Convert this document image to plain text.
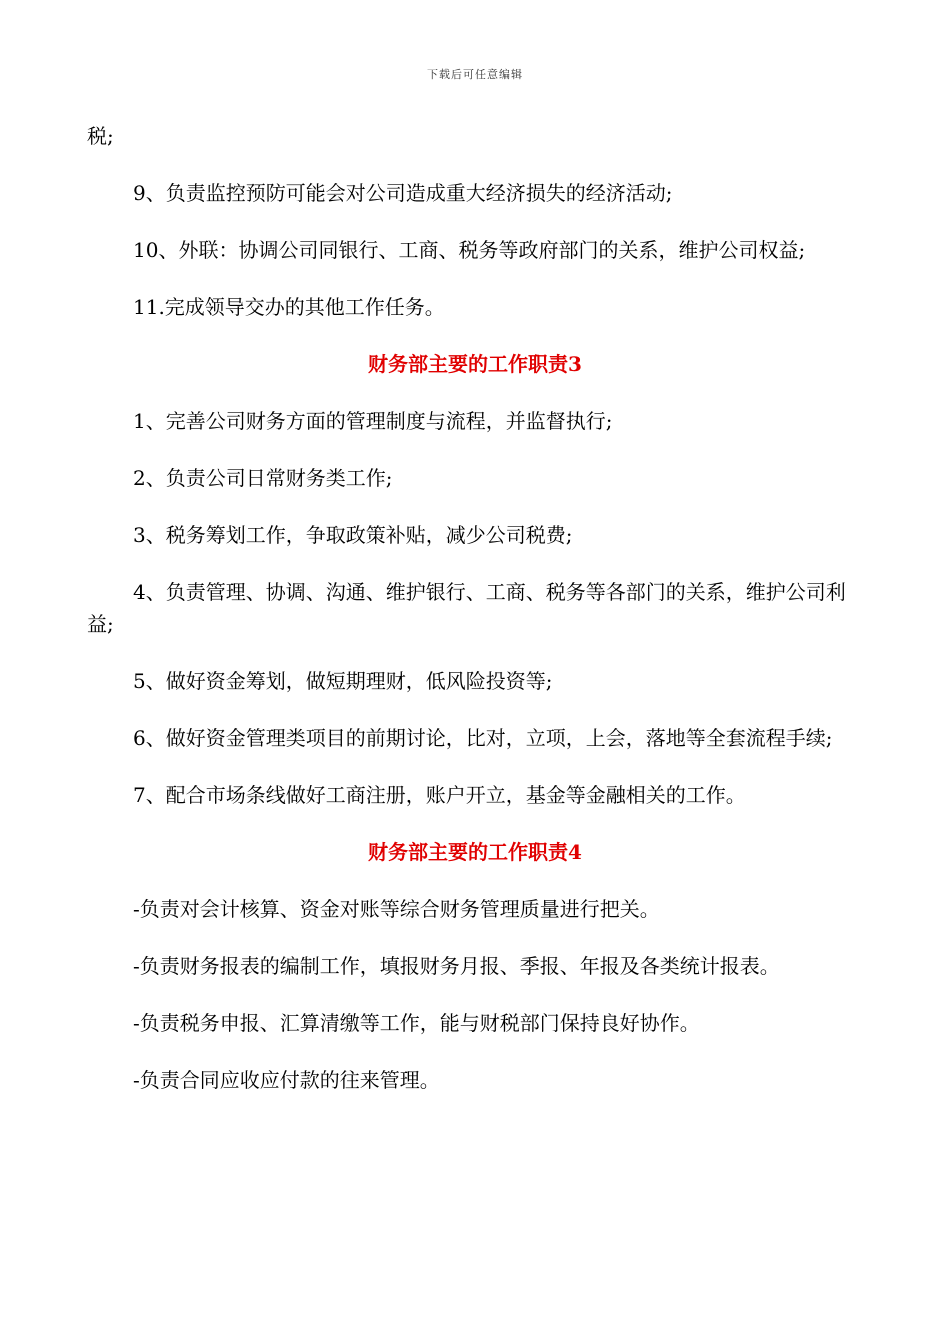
下载后可任意编辑

税;

9、负责监控预防可能会对公司造成重大经济损失的经济活动;

10、外联：协调公司同银行、工商、税务等政府部门的关系，维护公司权益;

11.完成领导交办的其他工作任务。

财务部主要的工作职责3

1、完善公司财务方面的管理制度与流程，并监督执行;

2、负责公司日常财务类工作;

3、税务筹划工作，争取政策补贴，减少公司税费;

4、负责管理、协调、沟通、维护银行、工商、税务等各部门的关系，维护公司利益;

5、做好资金筹划，做短期理财，低风险投资等;

6、做好资金管理类项目的前期讨论，比对，立项，上会，落地等全套流程手续;

7、配合市场条线做好工商注册，账户开立，基金等金融相关的工作。

财务部主要的工作职责4

-负责对会计核算、资金对账等综合财务管理质量进行把关。

-负责财务报表的编制工作，填报财务月报、季报、年报及各类统计报表。

-负责税务申报、汇算清缴等工作，能与财税部门保持良好协作。

-负责合同应收应付款的往来管理。
